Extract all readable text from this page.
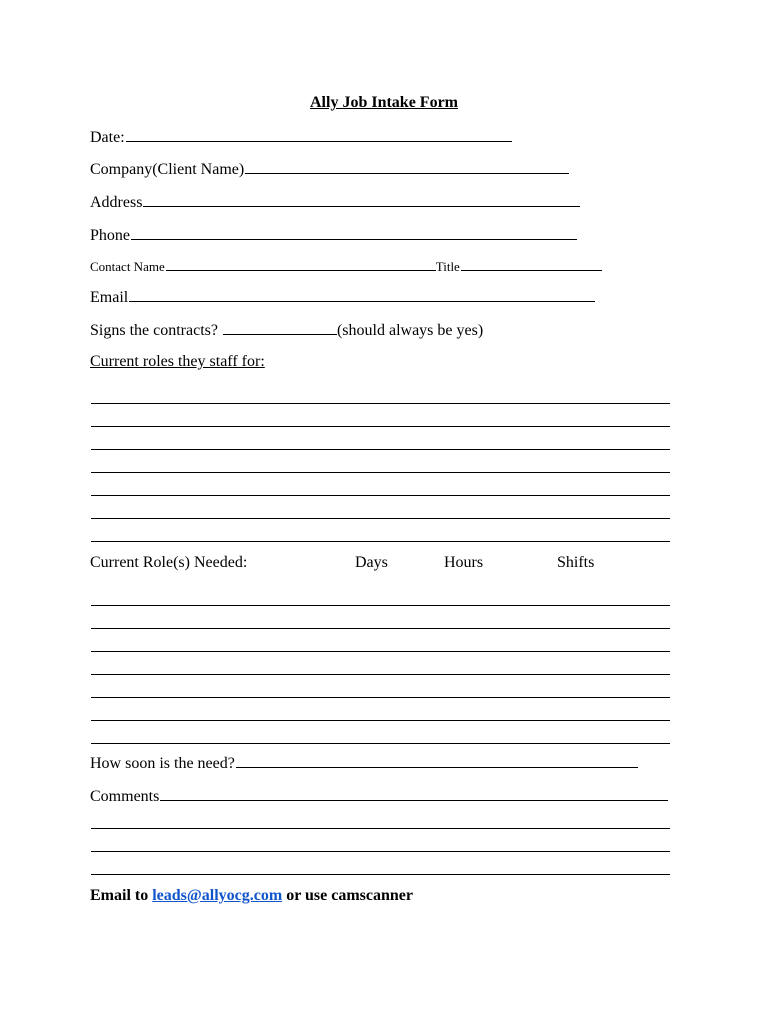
Ally Job Intake Form
Date:
Company(Client Name)
Address
Phone
Contact Name	Title
Email
Signs the contracts?	(should always be yes)
Current roles they staff for:
Current Role(s) Needed:	Days	Hours	Shifts
How soon is the need?
Comments
Email to leads@allyocg.com or use camscanner
